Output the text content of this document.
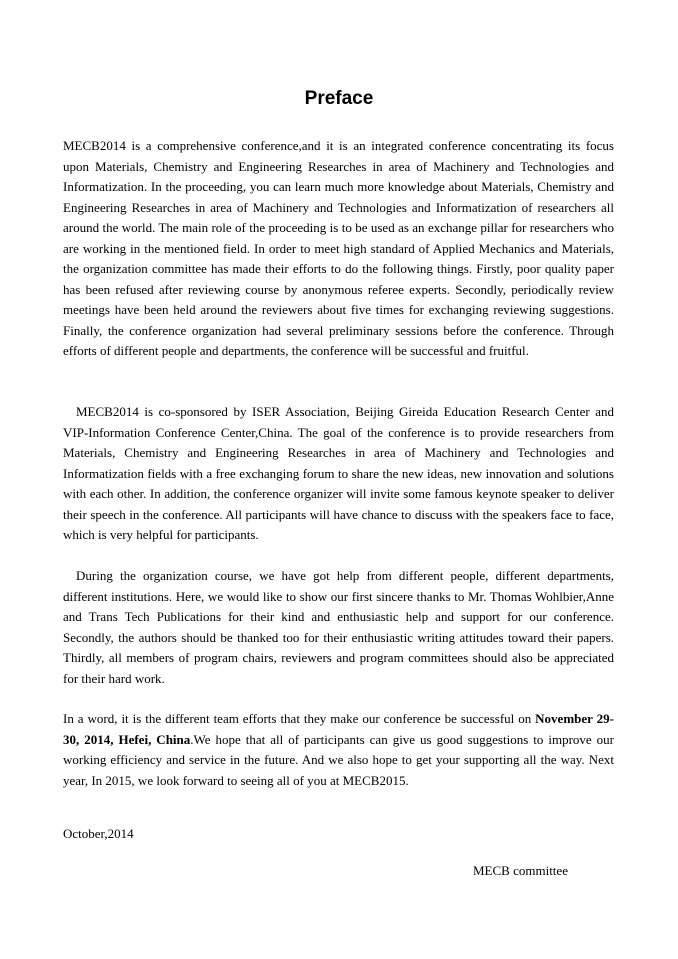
Preface
MECB2014 is a comprehensive conference,and it is an integrated conference concentrating its focus upon Materials, Chemistry and Engineering Researches in area of Machinery and Technologies and Informatization. In the proceeding, you can learn much more knowledge about Materials, Chemistry and Engineering Researches in area of Machinery and Technologies and Informatization of researchers all around the world. The main role of the proceeding is to be used as an exchange pillar for researchers who are working in the mentioned field. In order to meet high standard of Applied Mechanics and Materials, the organization committee has made their efforts to do the following things. Firstly, poor quality paper has been refused after reviewing course by anonymous referee experts. Secondly, periodically review meetings have been held around the reviewers about five times for exchanging reviewing suggestions. Finally, the conference organization had several preliminary sessions before the conference. Through efforts of different people and departments, the conference will be successful and fruitful.
MECB2014 is co-sponsored by ISER Association, Beijing Gireida Education Research Center and VIP-Information Conference Center,China. The goal of the conference is to provide researchers from Materials, Chemistry and Engineering Researches in area of Machinery and Technologies and Informatization fields with a free exchanging forum to share the new ideas, new innovation and solutions with each other. In addition, the conference organizer will invite some famous keynote speaker to deliver their speech in the conference. All participants will have chance to discuss with the speakers face to face, which is very helpful for participants.
During the organization course, we have got help from different people, different departments, different institutions. Here, we would like to show our first sincere thanks to Mr. Thomas Wohlbier,Anne and Trans Tech Publications for their kind and enthusiastic help and support for our conference. Secondly, the authors should be thanked too for their enthusiastic writing attitudes toward their papers. Thirdly, all members of program chairs, reviewers and program committees should also be appreciated for their hard work.
In a word, it is the different team efforts that they make our conference be successful on November 29-30, 2014, Hefei, China.We hope that all of participants can give us good suggestions to improve our working efficiency and service in the future. And we also hope to get your supporting all the way. Next year, In 2015, we look forward to seeing all of you at MECB2015.
October,2014
MECB committee
